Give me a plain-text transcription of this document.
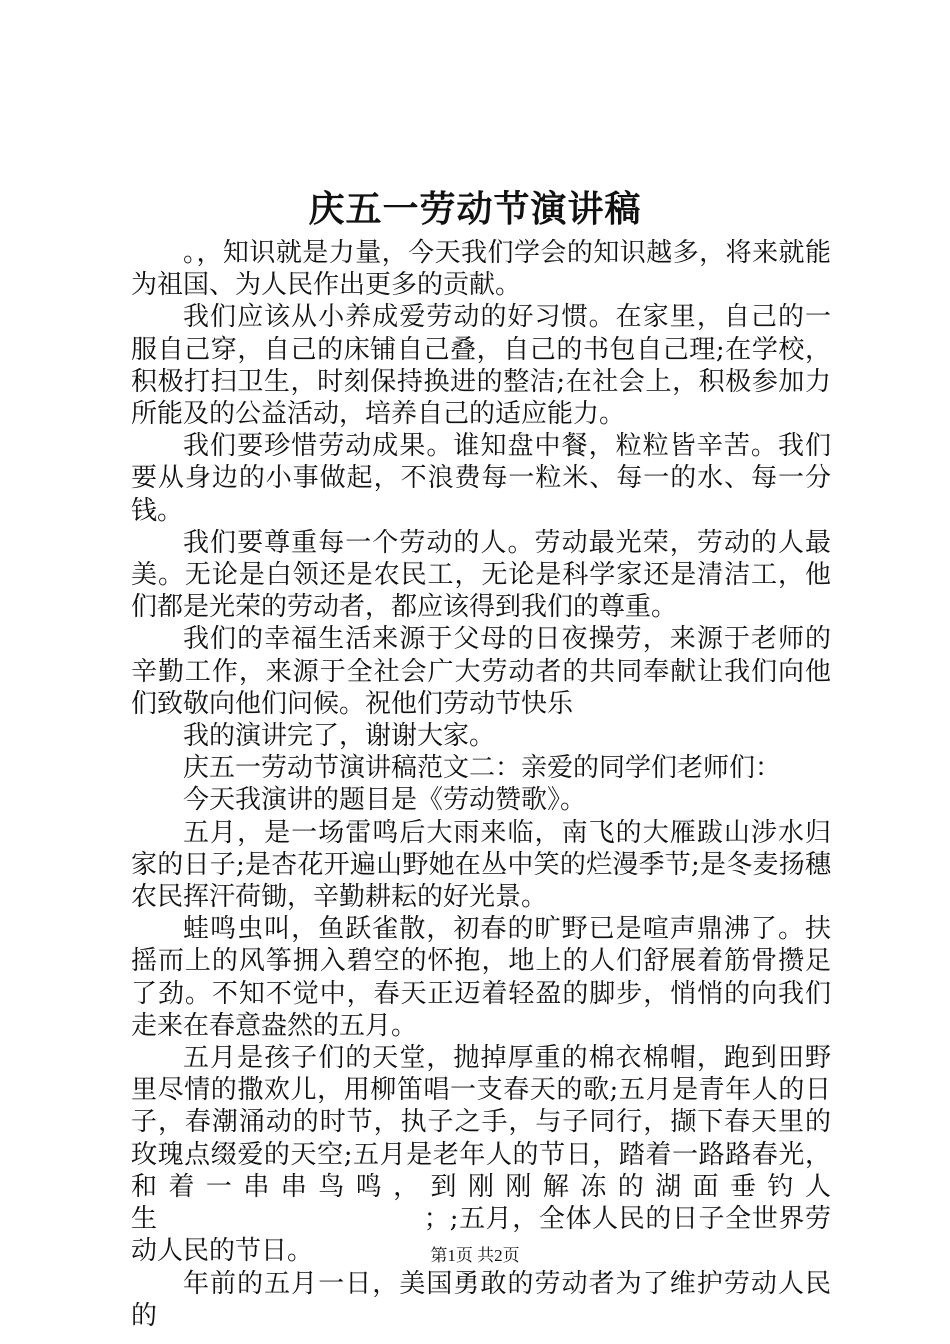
庆五一劳动节演讲稿

。，知识就是力量，今天我们学会的知识越多，将来就能为祖国、为人民作出更多的贡献。

我们应该从小养成爱劳动的好习惯。在家里，自己的一服自己穿，自己的床铺自己叠，自己的书包自己理;在学校，积极打扫卫生，时刻保持换进的整洁;在社会上，积极参加力所能及的公益活动，培养自己的适应能力。

我们要珍惜劳动成果。谁知盘中餐，粒粒皆辛苦。我们要从身边的小事做起，不浪费每一粒米、每一的水、每一分钱。

我们要尊重每一个劳动的人。劳动最光荣，劳动的人最美。无论是白领还是农民工，无论是科学家还是清洁工，他们都是光荣的劳动者，都应该得到我们的尊重。

我们的幸福生活来源于父母的日夜操劳，来源于老师的辛勤工作，来源于全社会广大劳动者的共同奉献让我们向他们致敬向他们问候。祝他们劳动节快乐

我的演讲完了，谢谢大家。

庆五一劳动节演讲稿范文二：亲爱的同学们老师们：

今天我演讲的题目是《劳动赞歌》。

五月，是一场雷鸣后大雨来临，南飞的大雁跋山涉水归家的日子;是杏花开遍山野她在丛中笑的烂漫季节;是冬麦扬穗农民挥汗荷锄，辛勤耕耘的好光景。

蛙鸣虫叫，鱼跃雀散，初春的旷野已是喧声鼎沸了。扶摇而上的风筝拥入碧空的怀抱，地上的人们舒展着筋骨攒足了劲。不知不觉中，春天正迈着轻盈的脚步，悄悄的向我们走来在春意盎然的五月。

五月是孩子们的天堂，抛掉厚重的棉衣棉帽，跑到田野里尽情的撒欢儿，用柳笛唱一支春天的歌;五月是青年人的日子，春潮涌动的时节，执子之手，与子同行，撷下春天里的玫瑰点缀爱的天空;五月是老年人的节日，踏着一路路春光，和着一串串鸟鸣，到刚刚解冻的湖面垂钓人生　　　　　　　　　　；;五月，全体人民的日子全世界劳动人民的节日。

年前的五月一日，美国勇敢的劳动者为了维护劳动人民的

第1页 共2页
